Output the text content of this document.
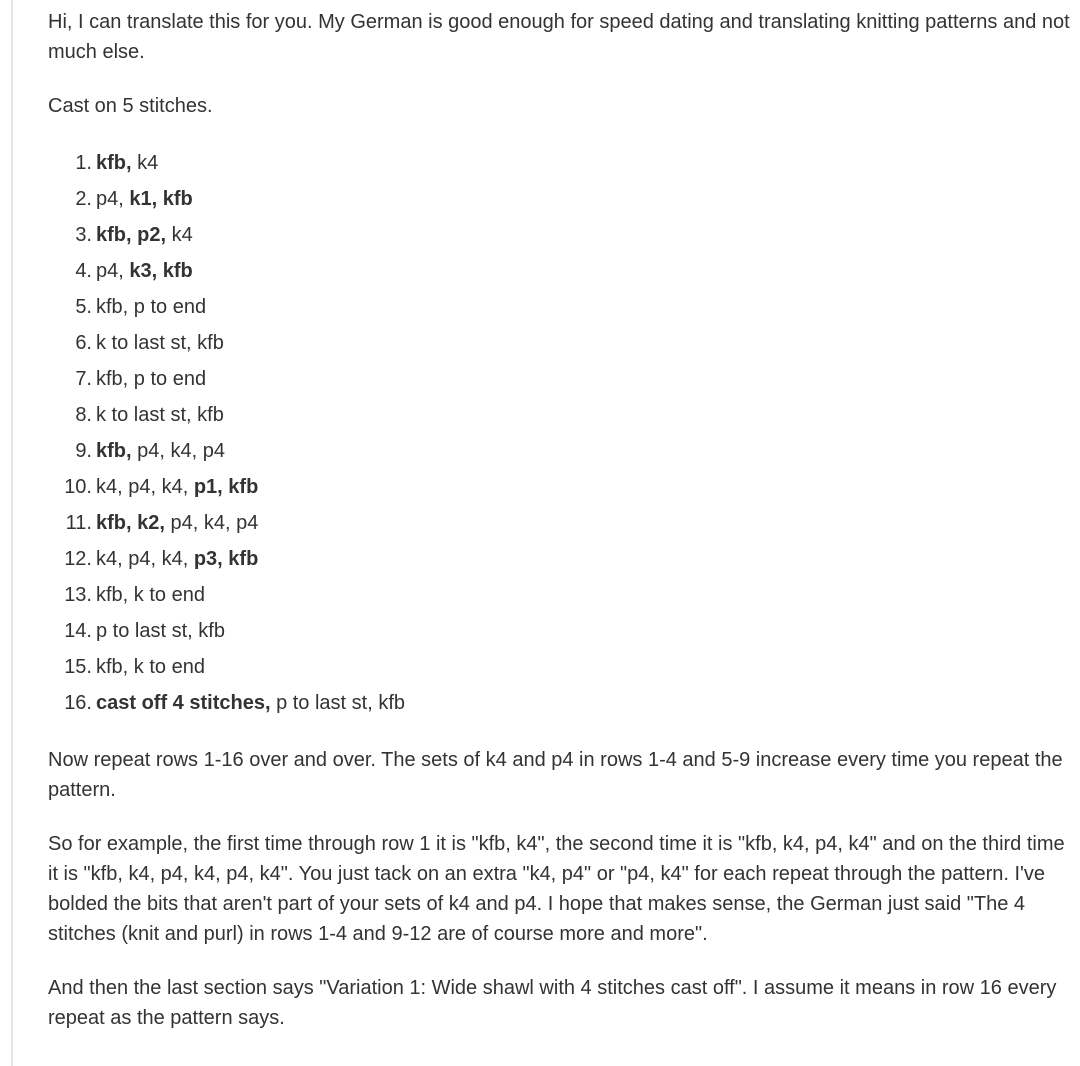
Hi, I can translate this for you. My German is good enough for speed dating and translating knitting patterns and not much else.

Cast on 5 stitches.

1. kfb, k4
2. p4, k1, kfb
3. kfb, p2, k4
4. p4, k3, kfb
5. kfb, p to end
6. k to last st, kfb
7. kfb, p to end
8. k to last st, kfb
9. kfb, p4, k4, p4
10. k4, p4, k4, p1, kfb
11. kfb, k2, p4, k4, p4
12. k4, p4, k4, p3, kfb
13. kfb, k to end
14. p to last st, kfb
15. kfb, k to end
16. cast off 4 stitches, p to last st, kfb

Now repeat rows 1-16 over and over. The sets of k4 and p4 in rows 1-4 and 5-9 increase every time you repeat the pattern.

So for example, the first time through row 1 it is "kfb, k4", the second time it is "kfb, k4, p4, k4" and on the third time it is "kfb, k4, p4, k4, p4, k4". You just tack on an extra "k4, p4" or "p4, k4" for each repeat through the pattern. I've bolded the bits that aren't part of your sets of k4 and p4. I hope that makes sense, the German just said "The 4 stitches (knit and purl) in rows 1-4 and 9-12 are of course more and more".

And then the last section says "Variation 1: Wide shawl with 4 stitches cast off". I assume it means in row 16 every repeat as the pattern says.
